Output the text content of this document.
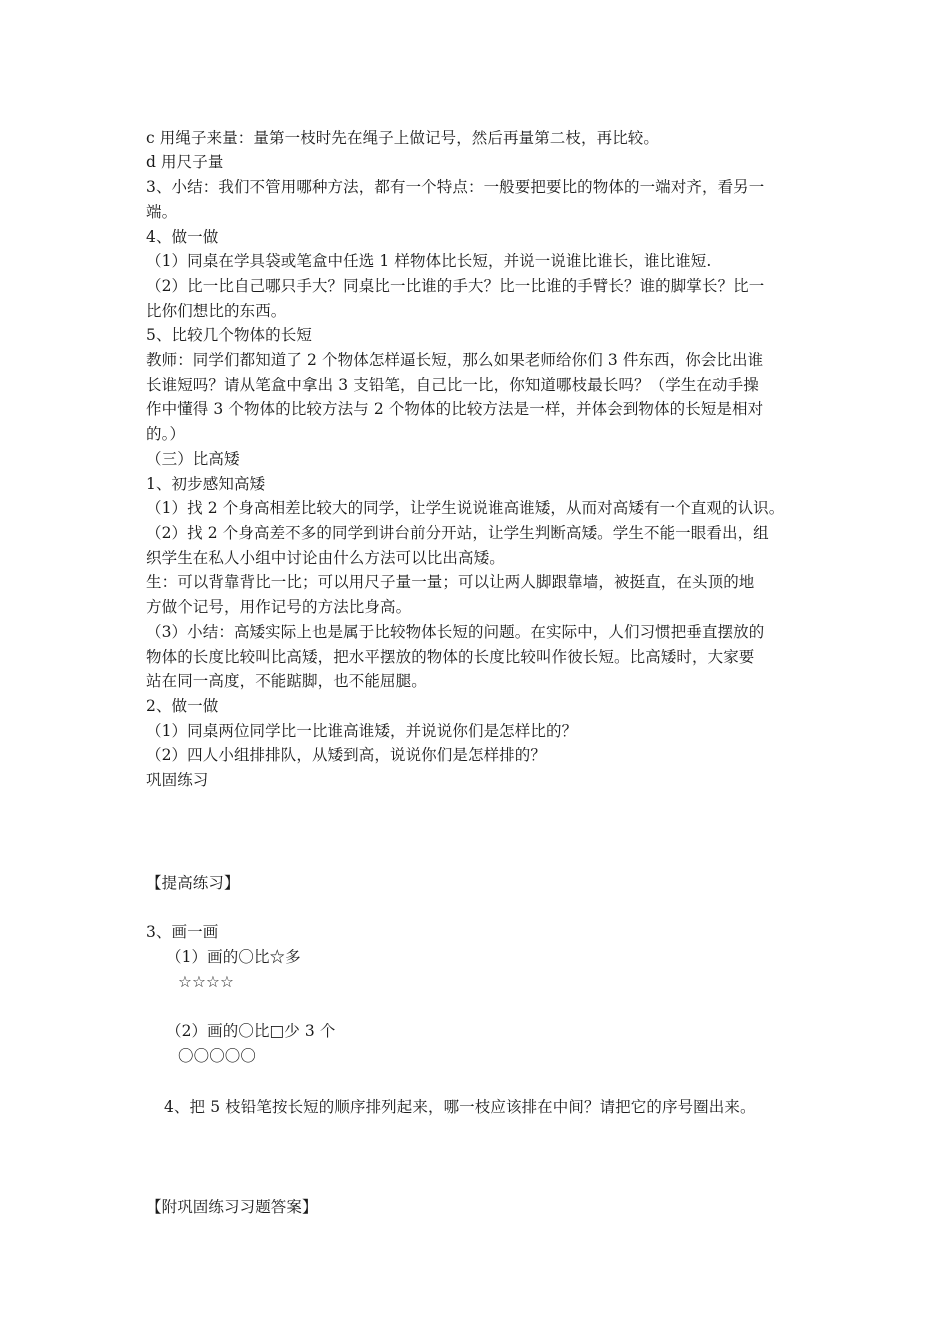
c 用绳子来量：量第一枝时先在绳子上做记号，然后再量第二枝，再比较。
d 用尺子量
3、小结：我们不管用哪种方法，都有一个特点：一般要把要比的物体的一端对齐，看另一
端。
4、做一做
（1）同桌在学具袋或笔盒中任选 1 样物体比长短，并说一说谁比谁长，谁比谁短.
（2）比一比自己哪只手大？同桌比一比谁的手大？比一比谁的手臂长？谁的脚掌长？比一
比你们想比的东西。
5、比较几个物体的长短
教师：同学们都知道了 2 个物体怎样逼长短，那么如果老师给你们 3 件东西，你会比出谁
长谁短吗？请从笔盒中拿出 3 支铅笔，自己比一比，你知道哪枝最长吗？（学生在动手操
作中懂得 3 个物体的比较方法与 2 个物体的比较方法是一样，并体会到物体的长短是相对
的。）
（三）比高矮
1、初步感知高矮
（1）找 2 个身高相差比较大的同学，让学生说说谁高谁矮，从而对高矮有一个直观的认识。
（2）找 2 个身高差不多的同学到讲台前分开站，让学生判断高矮。学生不能一眼看出，组
织学生在私人小组中讨论由什么方法可以比出高矮。
生：可以背靠背比一比；可以用尺子量一量；可以让两人脚跟靠墙，被挺直，在头顶的地
方做个记号，用作记号的方法比身高。
（3）小结：高矮实际上也是属于比较物体长短的问题。在实际中，人们习惯把垂直摆放的
物体的长度比较叫比高矮，把水平摆放的物体的长度比较叫作彼长短。比高矮时，大家要
站在同一高度，不能踮脚，也不能屈腿。
2、做一做
（1）同桌两位同学比一比谁高谁矮，并说说你们是怎样比的？
（2）四人小组排排队，从矮到高，说说你们是怎样排的？
巩固练习
【提高练习】
3、画一画
（1）画的〇比☆多
☆☆☆☆
（2）画的〇比□少 3 个
〇〇〇〇〇
4、把 5 枝铅笔按长短的顺序排列起来，哪一枝应该排在中间？请把它的序号圈出来。
【附巩固练习习题答案】
